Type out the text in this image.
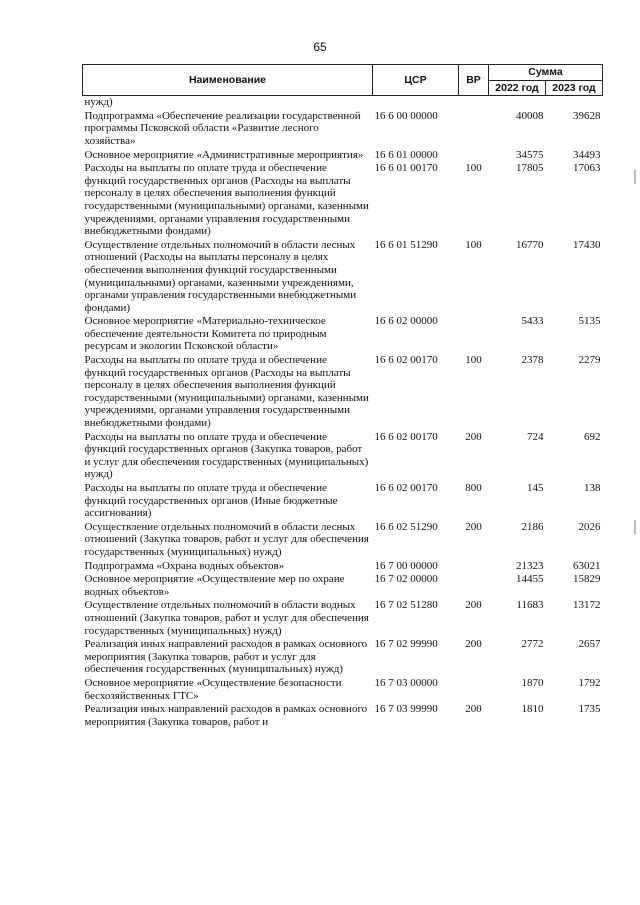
65
Наименование	ЦСР	ВР	Сумма	
			2022 год	2023 год
нужд)				
Подпрограмма «Обеспечение реализации государственной программы Псковской области «Развитие лесного хозяйства»	16 6 00 00000		40008	39628
Основное мероприятие «Административные мероприятия»	16 6 01 00000		34575	34493
Расходы на выплаты по оплате труда и обеспечение функций государственных органов (Расходы на выплаты персоналу в целях обеспечения выполнения функций государственными (муниципальными) органами, казенными учреждениями, органами управления государственными внебюджетными фондами)	16 6 01 00170	100	17805	17063
Осуществление отдельных полномочий в области лесных отношений (Расходы на выплаты персоналу в целях обеспечения выполнения функций государственными (муниципальными) органами, казенными учреждениями, органами управления государственными внебюджетными фондами)	16 6 01 51290	100	16770	17430
Основное мероприятие «Материально-техническое обеспечение деятельности Комитета по природным ресурсам и экологии Псковской области»	16 6 02 00000		5433	5135
Расходы на выплаты по оплате труда и обеспечение функций государственных органов (Расходы на выплаты персоналу в целях обеспечения выполнения функций государственными (муниципальными) органами, казенными учреждениями, органами управления государственными внебюджетными фондами)	16 6 02 00170	100	2378	2279
Расходы на выплаты по оплате труда и обеспечение функций государственных органов (Закупка товаров, работ и услуг для обеспечения государственных (муниципальных) нужд)	16 6 02 00170	200	724	692
Расходы на выплаты по оплате труда и обеспечение функций государственных органов (Иные бюджетные ассигнования)	16 6 02 00170	800	145	138
Осуществление отдельных полномочий в области лесных отношений (Закупка товаров, работ и услуг для обеспечения государственных (муниципальных) нужд)	16 6 02 51290	200	2186	2026
Подпрограмма «Охрана водных объектов»	16 7 00 00000		21323	63021
Основное мероприятие «Осуществление мер по охране водных объектов»	16 7 02 00000		14455	15829
Осуществление отдельных полномочий в области водных отношений (Закупка товаров, работ и услуг для обеспечения государственных (муниципальных) нужд)	16 7 02 51280	200	11683	13172
Реализация иных направлений расходов в рамках основного мероприятия (Закупка товаров, работ и услуг для обеспечения государственных (муниципальных) нужд)	16 7 02 99990	200	2772	2657
Основное мероприятие «Осуществление безопасности бесхозяйственных ГТС»	16 7 03 00000		1870	1792
Реализация иных направлений расходов в рамках основного мероприятия (Закупка товаров, работ и	16 7 03 99990	200	1810	1735
